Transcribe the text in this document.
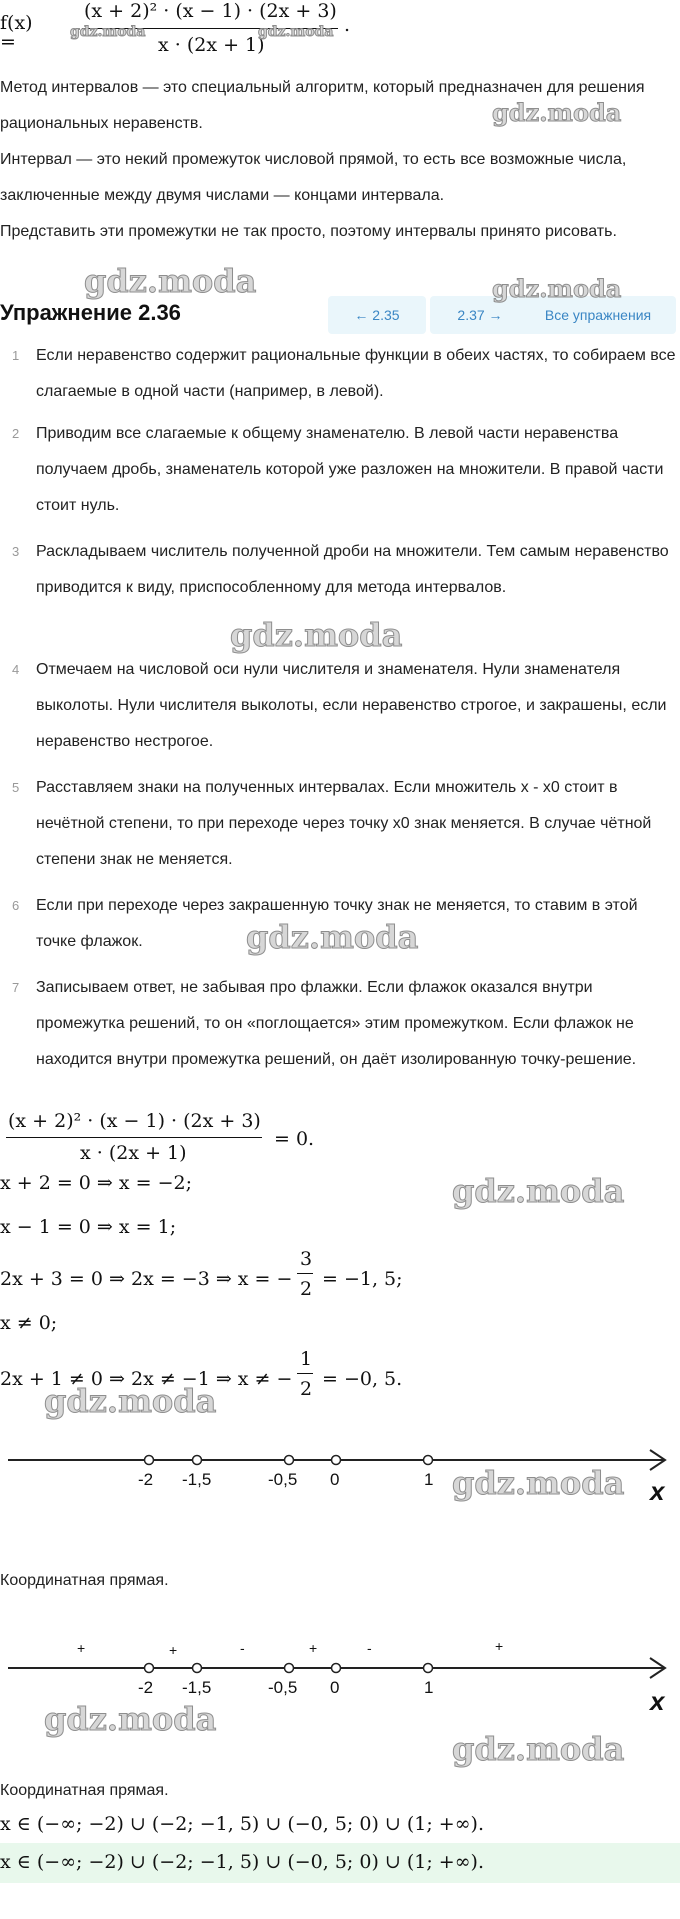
f(x) =
(x + 2)² · (x − 1) · (2x + 3)
x · (2x + 1)
.

Метод интервалов — это специальный алгоритм, который предназначен для решения рациональных неравенств.

Интервал — это некий промежуток числовой прямой, то есть все возможные числа, заключенные между двумя числами — концами интервала.

Представить эти промежутки не так просто, поэтому интервалы принято рисовать.

Упражнение 2.36	← 2.35	2.37 →	Все упражнения
1 Если неравенство содержит рациональные функции в обеих частях, то собираем все слагаемые в одной части (например, в левой).
2 Приводим все слагаемые к общему знаменателю. В левой части неравенства получаем дробь, знаменатель которой уже разложен на множители. В правой части стоит нуль.
3 Раскладываем числитель полученной дроби на множители. Тем самым неравенство приводится к виду, приспособленному для метода интервалов.
4 Отмечаем на числовой оси нули числителя и знаменателя. Нули знаменателя выколоты. Нули числителя выколоты, если неравенство строгое, и закрашены, если неравенство нестрогое.
5 Расставляем знаки на полученных интервалах. Если множитель x - x0 стоит в нечётной степени, то при переходе через точку x0 знак меняется. В случае чётной степени знак не меняется.
6 Если при переходе через закрашенную точку знак не меняется, то ставим в этой точке флажок.
7 Записываем ответ, не забывая про флажки. Если флажок оказался внутри промежутка решений, то он «поглощается» этим промежутком. Если флажок не находится внутри промежутка решений, он даёт изолированную точку-решение.
(x + 2)² · (x − 1) · (2x + 3)
x · (2x + 1)
= 0.
x + 2 = 0 ⇒ x = −2;
x − 1 = 0 ⇒ x = 1;
2x + 3 = 0 ⇒ 2x = −3 ⇒ x = −
3
2 = −1, 5;
x ≠ 0;
2x + 1 ≠ 0 ⇒ 2x ≠ −1 ⇒ x ≠ −
1
2 = −0, 5.
-2 -1,5	-0,5 0	1	x
Координатная прямая.
+	+	-	+	-	+
-2 -1,5	-0,5 0	1	x
Координатная прямая.
x ∈ (−∞; −2) ∪ (−2; −1, 5) ∪ (−0, 5; 0) ∪ (1; +∞).
x ∈ (−∞; −2) ∪ (−2; −1, 5) ∪ (−0, 5; 0) ∪ (1; +∞).
gdz.moda	gdz.moda
gdz.moda
gdz.moda	gdz.moda
gdz.moda
gdz.moda
gdz.moda
gdz.moda
gdz.moda
gdz.moda
gdz.moda
